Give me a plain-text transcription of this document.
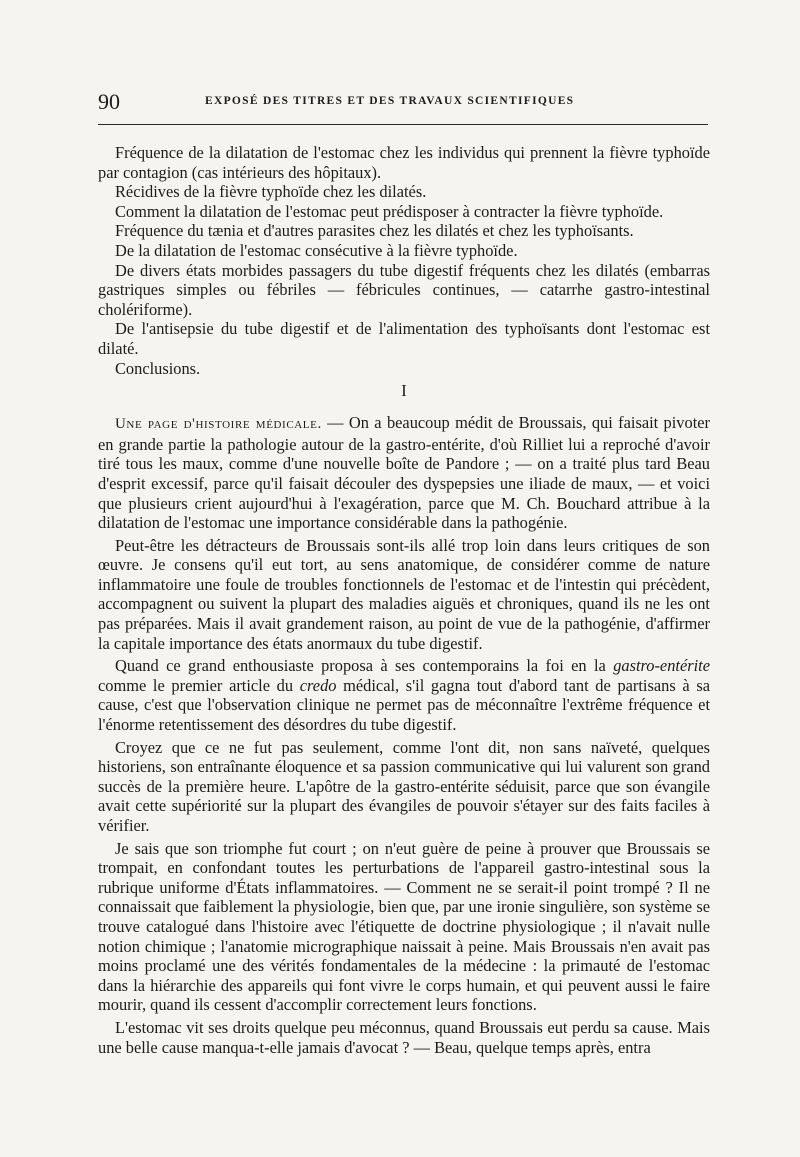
90	EXPOSÉ DES TITRES ET DES TRAVAUX SCIENTIFIQUES

Fréquence de la dilatation de l'estomac chez les individus qui prennent la fièvre typhoïde par contagion (cas intérieurs des hôpitaux).

Récidives de la fièvre typhoïde chez les dilatés.

Comment la dilatation de l'estomac peut prédisposer à contracter la fièvre typhoïde.

Fréquence du tænia et d'autres parasites chez les dilatés et chez les typhoïsants.

De la dilatation de l'estomac consécutive à la fièvre typhoïde.

De divers états morbides passagers du tube digestif fréquents chez les dilatés (embarras gastriques simples ou fébriles — fébricules continues, — catarrhe gastro-intestinal cholériforme).

De l'antisepsie du tube digestif et de l'alimentation des typhoïsants dont l'estomac est dilaté.

Conclusions.

I

Une page d'histoire médicale. — On a beaucoup médit de Broussais, qui faisait pivoter en grande partie la pathologie autour de la gastro-entérite, d'où Rilliet lui a reproché d'avoir tiré tous les maux, comme d'une nouvelle boîte de Pandore ; — on a traité plus tard Beau d'esprit excessif, parce qu'il faisait découler des dyspepsies une iliade de maux, — et voici que plusieurs crient aujourd'hui à l'exagération, parce que M. Ch. Bouchard attribue à la dilatation de l'estomac une importance considérable dans la pathogénie.

Peut-être les détracteurs de Broussais sont-ils allé trop loin dans leurs critiques de son œuvre. Je consens qu'il eut tort, au sens anatomique, de considérer comme de nature inflammatoire une foule de troubles fonctionnels de l'estomac et de l'intestin qui précèdent, accompagnent ou suivent la plupart des maladies aiguës et chroniques, quand ils ne les ont pas préparées. Mais il avait grandement raison, au point de vue de la pathogénie, d'affirmer la capitale importance des états anormaux du tube digestif.

Quand ce grand enthousiaste proposa à ses contemporains la foi en la gastro-entérite comme le premier article du credo médical, s'il gagna tout d'abord tant de partisans à sa cause, c'est que l'observation clinique ne permet pas de méconnaître l'extrême fréquence et l'énorme retentissement des désordres du tube digestif.

Croyez que ce ne fut pas seulement, comme l'ont dit, non sans naïveté, quelques historiens, son entraînante éloquence et sa passion communicative qui lui valurent son grand succès de la première heure. L'apôtre de la gastro-entérite séduisit, parce que son évangile avait cette supériorité sur la plupart des évangiles de pouvoir s'étayer sur des faits faciles à vérifier.

Je sais que son triomphe fut court ; on n'eut guère de peine à prouver que Broussais se trompait, en confondant toutes les perturbations de l'appareil gastro-intestinal sous la rubrique uniforme d'États inflammatoires. — Comment ne se serait-il point trompé ? Il ne connaissait que faiblement la physiologie, bien que, par une ironie singulière, son système se trouve catalogué dans l'histoire avec l'étiquette de doctrine physiologique ; il n'avait nulle notion chimique ; l'anatomie micrographique naissait à peine. Mais Broussais n'en avait pas moins proclamé une des vérités fondamentales de la médecine : la primauté de l'estomac dans la hiérarchie des appareils qui font vivre le corps humain, et qui peuvent aussi le faire mourir, quand ils cessent d'accomplir correctement leurs fonctions.

L'estomac vit ses droits quelque peu méconnus, quand Broussais eut perdu sa cause. Mais une belle cause manqua-t-elle jamais d'avocat ? — Beau, quelque temps après, entra
